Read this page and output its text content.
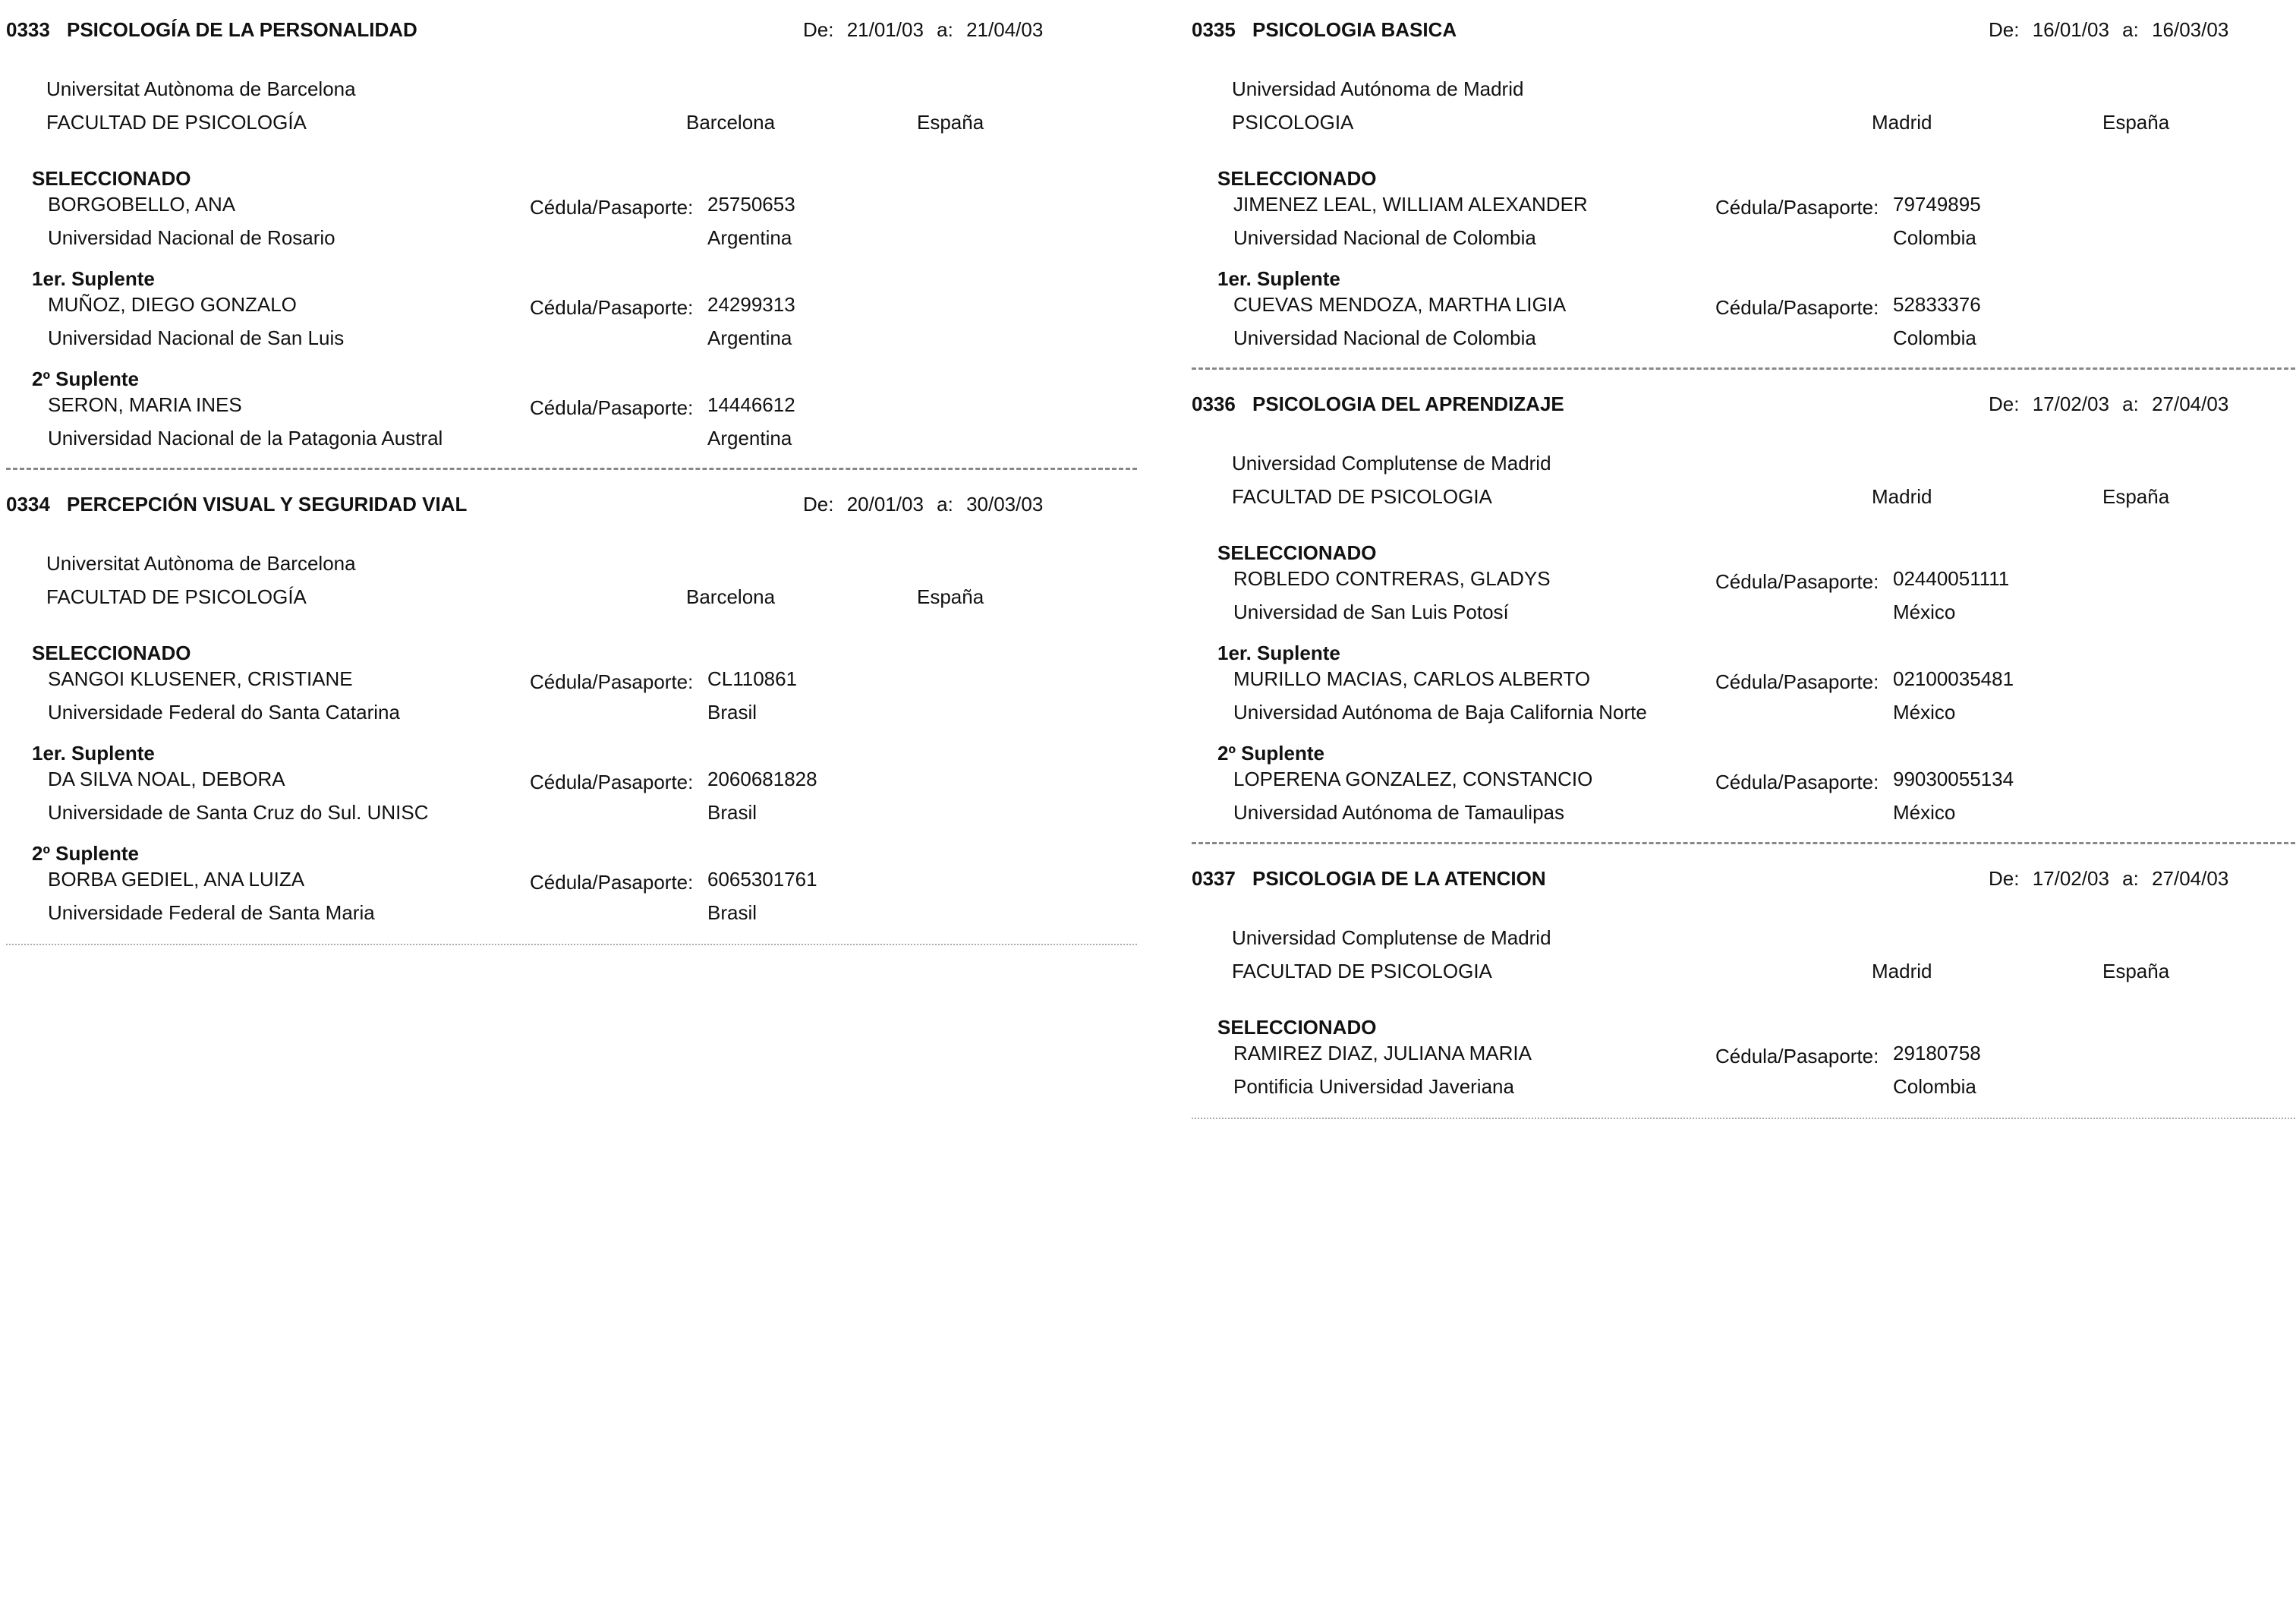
0333 PSICOLOGÍA DE LA PERSONALIDAD	De: 21/01/03 a: 21/04/03
Universitat Autònoma de Barcelona
FACULTAD DE PSICOLOGÍA	Barcelona	España
SELECCIONADO
BORGOBELLO, ANA	Cédula/Pasaporte: 25750653
Universidad Nacional de Rosario	Argentina
1er. Suplente
MUÑOZ, DIEGO GONZALO	Cédula/Pasaporte: 24299313
Universidad Nacional de San Luis	Argentina
2º Suplente
SERON, MARIA INES	Cédula/Pasaporte: 14446612
Universidad Nacional de la Patagonia Austral	Argentina
0334 PERCEPCIÓN VISUAL Y SEGURIDAD VIAL	De: 20/01/03 a: 30/03/03
Universitat Autònoma de Barcelona
FACULTAD DE PSICOLOGÍA	Barcelona	España
SELECCIONADO
SANGOI KLUSENER, CRISTIANE	Cédula/Pasaporte: CL110861
Universidade Federal do Santa Catarina	Brasil
1er. Suplente
DA SILVA NOAL, DEBORA	Cédula/Pasaporte: 2060681828
Universidade de Santa Cruz do Sul. UNISC	Brasil
2º Suplente
BORBA GEDIEL, ANA LUIZA	Cédula/Pasaporte: 6065301761
Universidade Federal de Santa Maria	Brasil
0335 PSICOLOGIA BASICA	De: 16/01/03 a: 16/03/03
Universidad Autónoma de Madrid
PSICOLOGIA	Madrid	España
SELECCIONADO
JIMENEZ LEAL, WILLIAM ALEXANDER	Cédula/Pasaporte: 79749895
Universidad Nacional de Colombia	Colombia
1er. Suplente
CUEVAS MENDOZA, MARTHA LIGIA	Cédula/Pasaporte: 52833376
Universidad Nacional de Colombia	Colombia
0336 PSICOLOGIA DEL APRENDIZAJE	De: 17/02/03 a: 27/04/03
Universidad Complutense de Madrid
FACULTAD DE PSICOLOGIA	Madrid	España
SELECCIONADO
ROBLEDO CONTRERAS, GLADYS	Cédula/Pasaporte: 02440051111
Universidad de San Luis Potosí	México
1er. Suplente
MURILLO MACIAS, CARLOS ALBERTO	Cédula/Pasaporte: 02100035481
Universidad Autónoma de Baja California Norte	México
2º Suplente
LOPERENA GONZALEZ, CONSTANCIO	Cédula/Pasaporte: 99030055134
Universidad Autónoma de Tamaulipas	México
0337 PSICOLOGIA DE LA ATENCION	De: 17/02/03 a: 27/04/03
Universidad Complutense de Madrid
FACULTAD DE PSICOLOGIA	Madrid	España
SELECCIONADO
RAMIREZ DIAZ, JULIANA MARIA	Cédula/Pasaporte: 29180758
Pontificia Universidad Javeriana	Colombia
